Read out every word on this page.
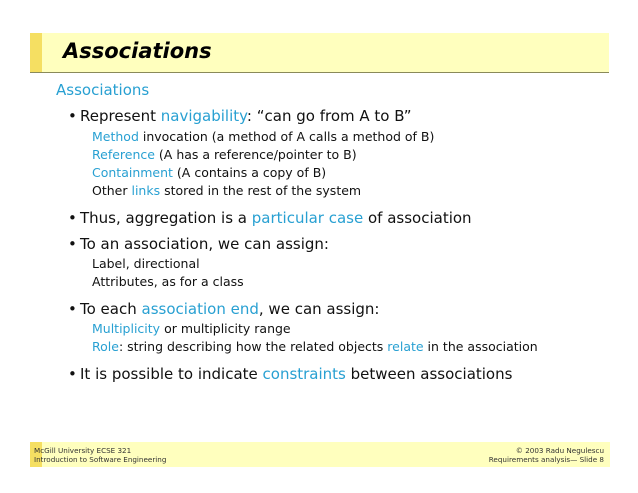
Associations
Associations
• Represent navigability: “can go from A to B”
Method invocation (a method of A calls a method of B)
Reference (A has a reference/pointer to B)
Containment (A contains a copy of B)
Other links stored in the rest of the system
• Thus, aggregation is a particular case of association
• To an association, we can assign:
Label, directional
Attributes, as for a class
• To each association end, we can assign:
Multiplicity or multiplicity range
Role: string describing how the related objects relate in the association
• It is possible to indicate constraints between associations
McGill University ECSE 321
Introduction to Software Engineering
© 2003 Radu Negulescu
Requirements analysis— Slide 8
